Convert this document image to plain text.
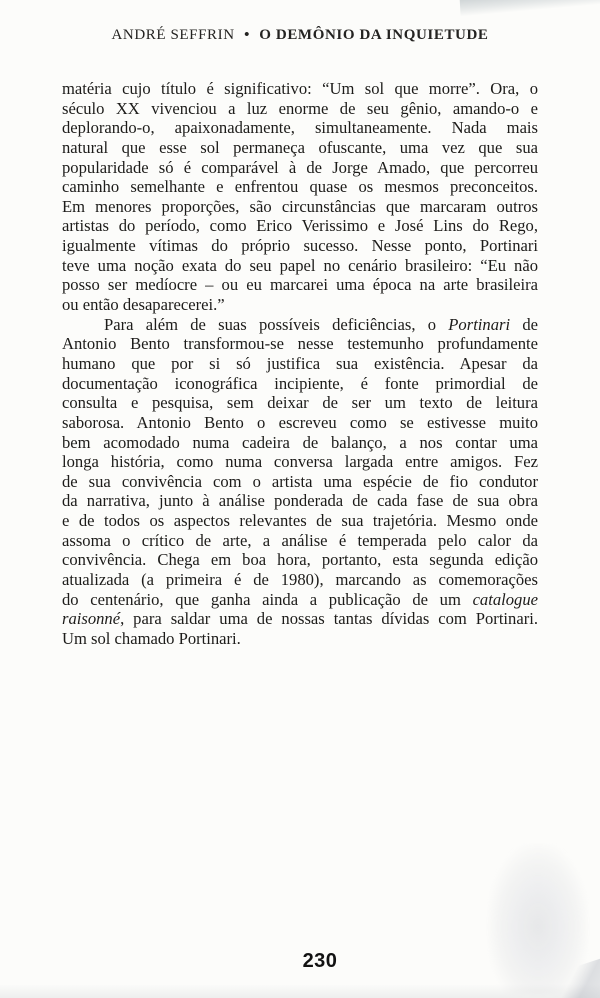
ANDRÉ SEFFRIN • O DEMÔNIO DA INQUIETUDE
matéria cujo título é significativo: “Um sol que morre”. Ora, o
século XX vivenciou a luz enorme de seu gênio, amando-o e
deplorando-o, apaixonadamente, simultaneamente. Nada mais
natural que esse sol permaneça ofuscante, uma vez que sua
popularidade só é comparável à de Jorge Amado, que percorreu
caminho semelhante e enfrentou quase os mesmos preconceitos.
Em menores proporções, são circunstâncias que marcaram outros
artistas do período, como Erico Verissimo e José Lins do Rego,
igualmente vítimas do próprio sucesso. Nesse ponto, Portinari
teve uma noção exata do seu papel no cenário brasileiro: “Eu não
posso ser medíocre – ou eu marcarei uma época na arte brasileira
ou então desaparecerei.”
Para além de suas possíveis deficiências, o Portinari de
Antonio Bento transformou-se nesse testemunho profundamente
humano que por si só justifica sua existência. Apesar da
documentação iconográfica incipiente, é fonte primordial de
consulta e pesquisa, sem deixar de ser um texto de leitura
saborosa. Antonio Bento o escreveu como se estivesse muito
bem acomodado numa cadeira de balanço, a nos contar uma
longa história, como numa conversa largada entre amigos. Fez
de sua convivência com o artista uma espécie de fio condutor
da narrativa, junto à análise ponderada de cada fase de sua obra
e de todos os aspectos relevantes de sua trajetória. Mesmo onde
assoma o crítico de arte, a análise é temperada pelo calor da
convivência. Chega em boa hora, portanto, esta segunda edição
atualizada (a primeira é de 1980), marcando as comemorações
do centenário, que ganha ainda a publicação de um catalogue
raisonné, para saldar uma de nossas tantas dívidas com Portinari.
Um sol chamado Portinari.
230
